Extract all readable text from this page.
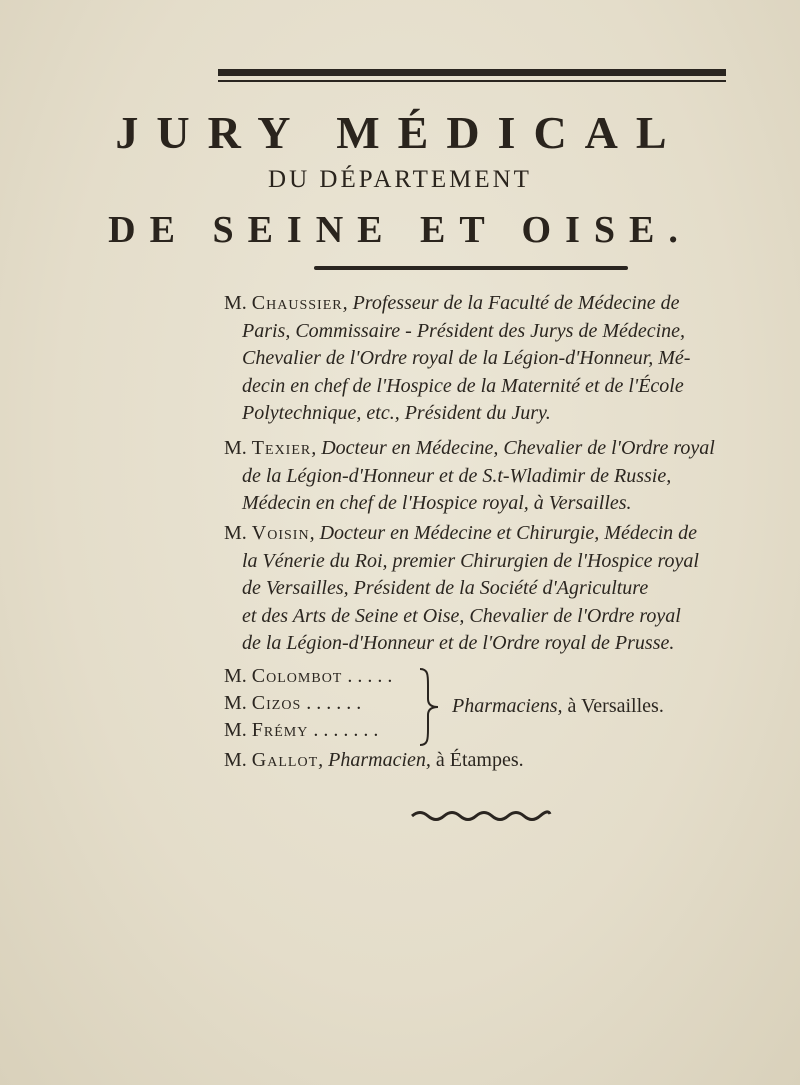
JURY MÉDICAL
DU DÉPARTEMENT
DE SEINE ET OISE.
M. Chaussier, Professeur de la Faculté de Médecine de
Paris, Commissaire - Président des Jurys de Médecine,
Chevalier de l'Ordre royal de la Légion-d'Honneur, Mé-
decin en chef de l'Hospice de la Maternité et de l'École
Polytechnique, etc., Président du Jury.
M. Texier, Docteur en Médecine, Chevalier de l'Ordre royal
de la Légion-d'Honneur et de S.t-Wladimir de Russie,
Médecin en chef de l'Hospice royal, à Versailles.
M. Voisin, Docteur en Médecine et Chirurgie, Médecin de
la Vénerie du Roi, premier Chirurgien de l'Hospice royal
de Versailles, Président de la Société d'Agriculture
et des Arts de Seine et Oise, Chevalier de l'Ordre royal
de la Légion-d'Honneur et de l'Ordre royal de Prusse.
M. Colombot . . . . .
M. Cizos . . . . . .
M. Frémy . . . . . . .
Pharmaciens, à Versailles.
M. Gallot, Pharmacien, à Étampes.
